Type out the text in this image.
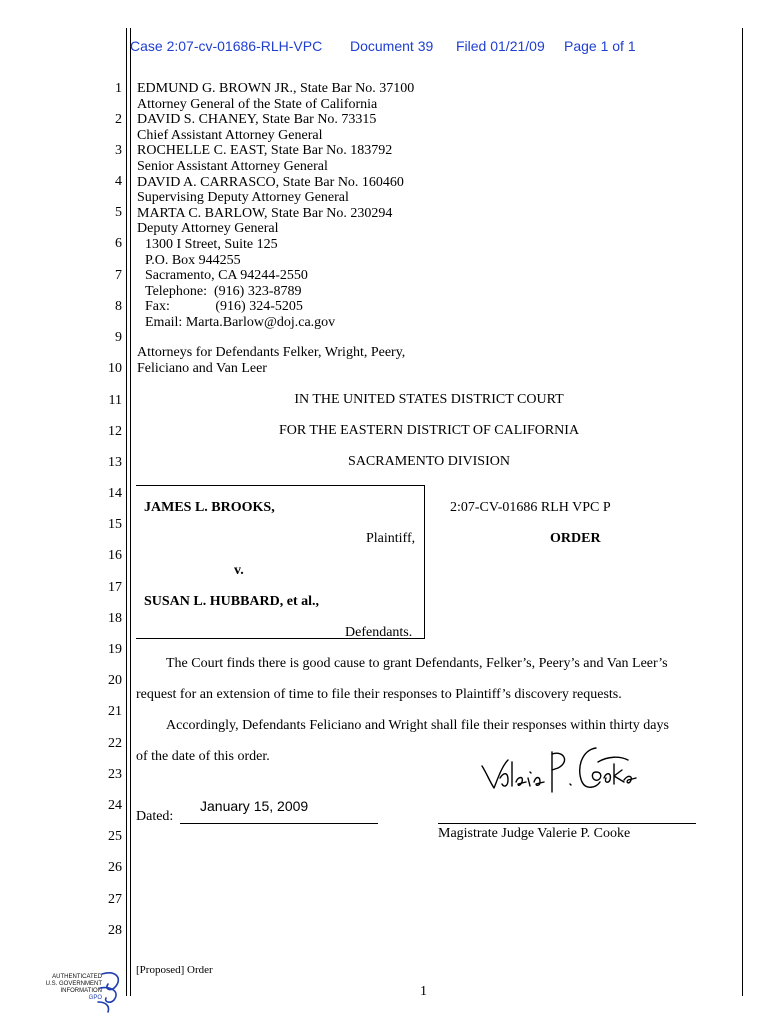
Case 2:07-cv-01686-RLH-VPC Document 39 Filed 01/21/09 Page 1 of 1
1
2
3
4
5
6
7
8
9
10
11
12
13
14
15
16
17
18
19
20
21
22
23
24
25
26
27
28
EDMUND G. BROWN JR., State Bar No. 37100
Attorney General of the State of California
DAVID S. CHANEY, State Bar No. 73315
Chief Assistant Attorney General
ROCHELLE C. EAST, State Bar No. 183792
Senior Assistant Attorney General
DAVID A. CARRASCO, State Bar No. 160460
Supervising Deputy Attorney General
MARTA C. BARLOW, State Bar No. 230294
Deputy Attorney General
1300 I Street, Suite 125
P.O. Box 944255
Sacramento, CA 94244-2550
Telephone:  (916) 323-8789
Fax:             (916) 324-5205
Email: Marta.Barlow@doj.ca.gov
Attorneys for Defendants Felker, Wright, Peery,
Feliciano and Van Leer
IN THE UNITED STATES DISTRICT COURT
FOR THE EASTERN DISTRICT OF CALIFORNIA
SACRAMENTO DIVISION
JAMES L. BROOKS,
Plaintiff,
v.
SUSAN L. HUBBARD, et al.,
Defendants.
2:07-CV-01686 RLH VPC P
ORDER
The Court finds there is good cause to grant Defendants, Felker’s, Peery’s and Van Leer’s
request for an extension of time to file their responses to Plaintiff’s discovery requests.
Accordingly, Defendants Feliciano and Wright shall file their responses within thirty days
of the date of this order.
Dated:
January 15, 2009
Magistrate Judge Valerie P. Cooke
[Proposed] Order
1
AUTHENTICATED
U.S. GOVERNMENT
INFORMATION
GPO
